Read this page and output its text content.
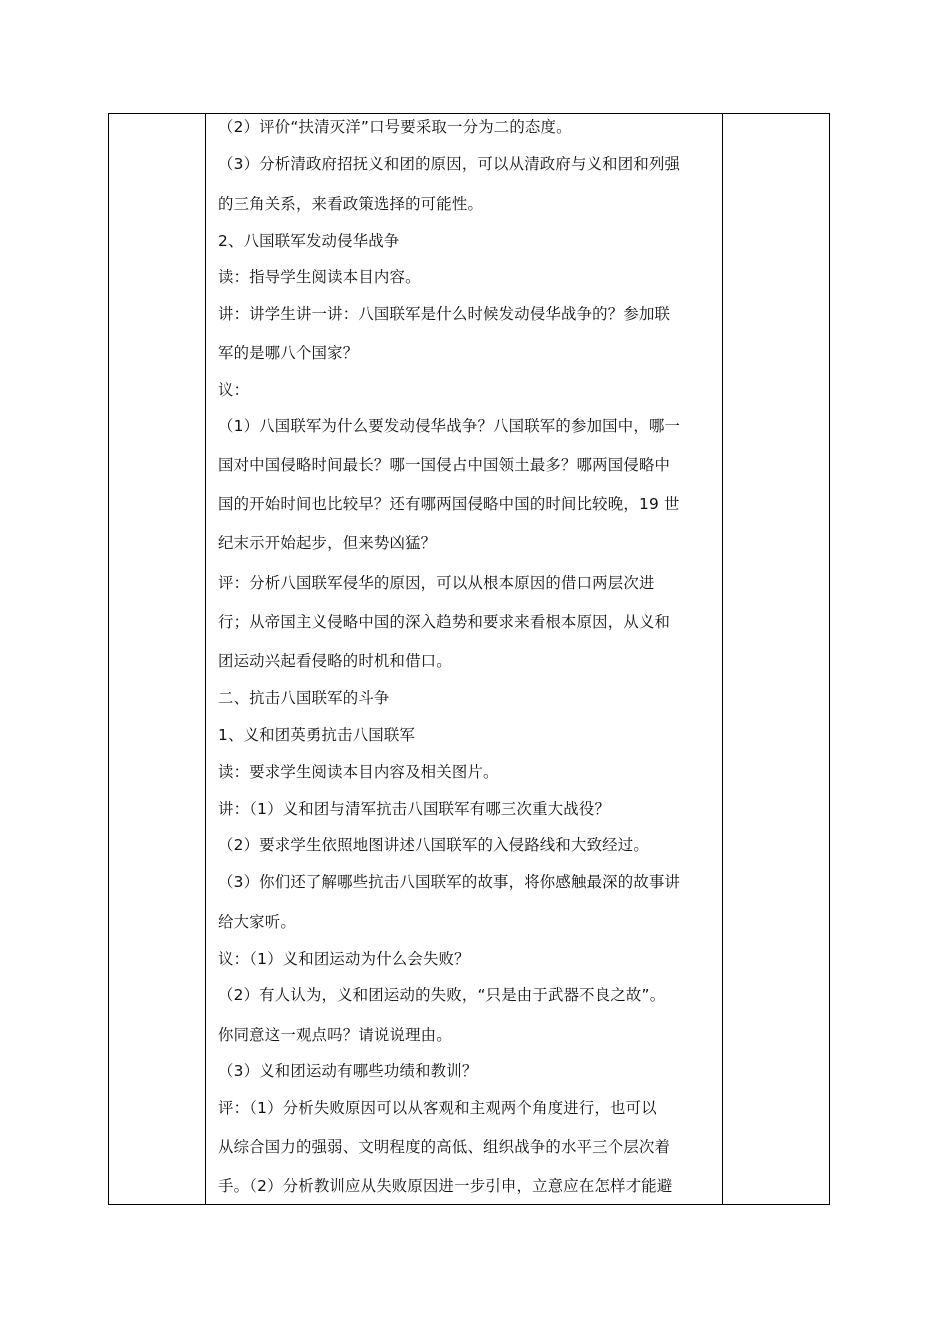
（2）评价“扶清灭洋”口号要采取一分为二的态度。
（3）分析清政府招抚义和团的原因，可以从清政府与义和团和列强
的三角关系，来看政策选择的可能性。
2、八国联军发动侵华战争
读：指导学生阅读本目内容。
讲：讲学生讲一讲：八国联军是什么时候发动侵华战争的？参加联
军的是哪八个国家？
议：
（1）八国联军为什么要发动侵华战争？八国联军的参加国中，哪一
国对中国侵略时间最长？哪一国侵占中国领土最多？哪两国侵略中
国的开始时间也比较早？还有哪两国侵略中国的时间比较晚，19 世
纪末示开始起步，但来势凶猛？
评：分析八国联军侵华的原因，可以从根本原因的借口两层次进
行；从帝国主义侵略中国的深入趋势和要求来看根本原因，从义和
团运动兴起看侵略的时机和借口。
二、抗击八国联军的斗争
1、义和团英勇抗击八国联军
读：要求学生阅读本目内容及相关图片。
讲：（1）义和团与清军抗击八国联军有哪三次重大战役？
（2）要求学生依照地图讲述八国联军的入侵路线和大致经过。
（3）你们还了解哪些抗击八国联军的故事，将你感触最深的故事讲
给大家听。
议：（1）义和团运动为什么会失败？
（2）有人认为，义和团运动的失败，“只是由于武器不良之故”。
你同意这一观点吗？请说说理由。
（3）义和团运动有哪些功绩和教训？
评：（1）分析失败原因可以从客观和主观两个角度进行，也可以
从综合国力的强弱、文明程度的高低、组织战争的水平三个层次着
手。（2）分析教训应从失败原因进一步引申，立意应在怎样才能避
